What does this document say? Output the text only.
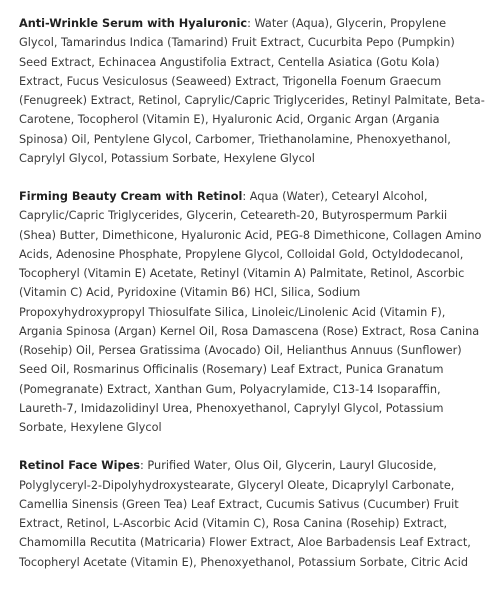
Anti-Wrinkle Serum with Hyaluronic: Water (Aqua), Glycerin, Propylene Glycol, Tamarindus Indica (Tamarind) Fruit Extract, Cucurbita Pepo (Pumpkin) Seed Extract, Echinacea Angustifolia Extract, Centella Asiatica (Gotu Kola) Extract, Fucus Vesiculosus (Seaweed) Extract, Trigonella Foenum Graecum (Fenugreek) Extract, Retinol, Caprylic/Capric Triglycerides, Retinyl Palmitate, Beta-Carotene, Tocopherol (Vitamin E), Hyaluronic Acid, Organic Argan (Argania Spinosa) Oil, Pentylene Glycol, Carbomer, Triethanolamine, Phenoxyethanol, Caprylyl Glycol, Potassium Sorbate, Hexylene Glycol

Firming Beauty Cream with Retinol: Aqua (Water), Cetearyl Alcohol, Caprylic/Capric Triglycerides, Glycerin, Ceteareth-20, Butyrospermum Parkii (Shea) Butter, Dimethicone, Hyaluronic Acid, PEG-8 Dimethicone, Collagen Amino Acids, Adenosine Phosphate, Propylene Glycol, Colloidal Gold, Octyldodecanol, Tocopheryl (Vitamin E) Acetate, Retinyl (Vitamin A) Palmitate, Retinol, Ascorbic (Vitamin C) Acid, Pyridoxine (Vitamin B6) HCl, Silica, Sodium Propoxyhydroxypropyl Thiosulfate Silica, Linoleic/Linolenic Acid (Vitamin F), Argania Spinosa (Argan) Kernel Oil, Rosa Damascena (Rose) Extract, Rosa Canina (Rosehip) Oil, Persea Gratissima (Avocado) Oil, Helianthus Annuus (Sunflower) Seed Oil, Rosmarinus Officinalis (Rosemary) Leaf Extract, Punica Granatum (Pomegranate) Extract, Xanthan Gum, Polyacrylamide, C13-14 Isoparaffin, Laureth-7, Imidazolidinyl Urea, Phenoxyethanol, Caprylyl Glycol, Potassium Sorbate, Hexylene Glycol

Retinol Face Wipes: Purified Water, Olus Oil, Glycerin, Lauryl Glucoside, Polyglyceryl-2-Dipolyhydroxystearate, Glyceryl Oleate, Dicaprylyl Carbonate, Camellia Sinensis (Green Tea) Leaf Extract, Cucumis Sativus (Cucumber) Fruit Extract, Retinol, L-Ascorbic Acid (Vitamin C), Rosa Canina (Rosehip) Extract, Chamomilla Recutita (Matricaria) Flower Extract, Aloe Barbadensis Leaf Extract, Tocopheryl Acetate (Vitamin E), Phenoxyethanol, Potassium Sorbate, Citric Acid
